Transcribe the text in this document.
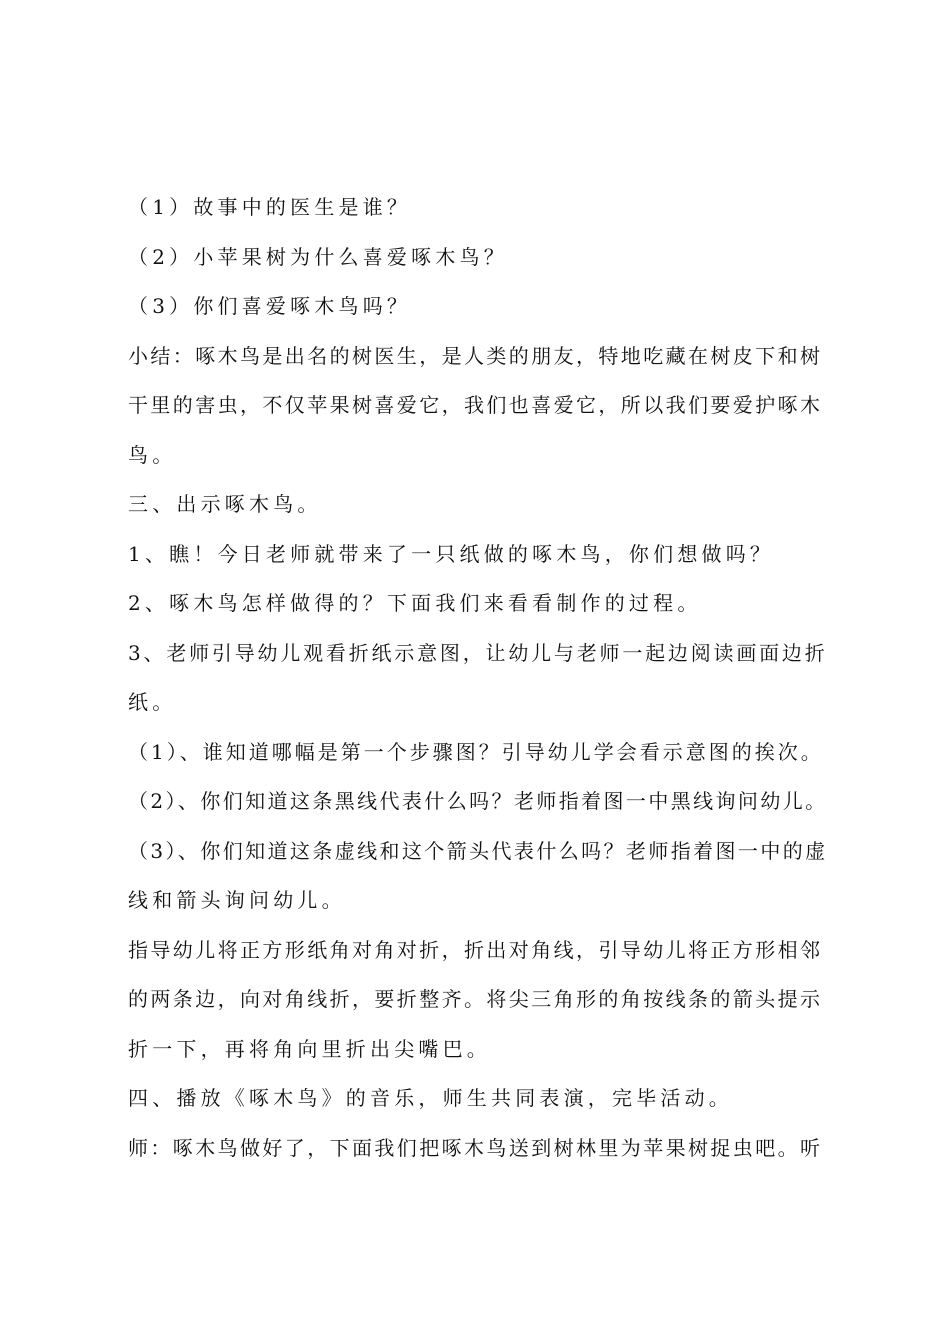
（1）故事中的医生是谁？
（2）小苹果树为什么喜爱啄木鸟？
（3）你们喜爱啄木鸟吗？
小结：啄木鸟是出名的树医生，是人类的朋友，特地吃藏在树皮下和树
干里的害虫，不仅苹果树喜爱它，我们也喜爱它，所以我们要爱护啄木
鸟。
三、出示啄木鸟。
1、瞧！今日老师就带来了一只纸做的啄木鸟，你们想做吗？
2、啄木鸟怎样做得的？下面我们来看看制作的过程。
3、老师引导幼儿观看折纸示意图，让幼儿与老师一起边阅读画面边折
纸。
（1）、谁知道哪幅是第一个步骤图？引导幼儿学会看示意图的挨次。
（2）、你们知道这条黑线代表什么吗？老师指着图一中黑线询问幼儿。
（3）、你们知道这条虚线和这个箭头代表什么吗？老师指着图一中的虚
线和箭头询问幼儿。
指导幼儿将正方形纸角对角对折，折出对角线，引导幼儿将正方形相邻
的两条边，向对角线折，要折整齐。将尖三角形的角按线条的箭头提示
折一下，再将角向里折出尖嘴巴。
四、播放《啄木鸟》的音乐，师生共同表演，完毕活动。
师：啄木鸟做好了，下面我们把啄木鸟送到树林里为苹果树捉虫吧。听
